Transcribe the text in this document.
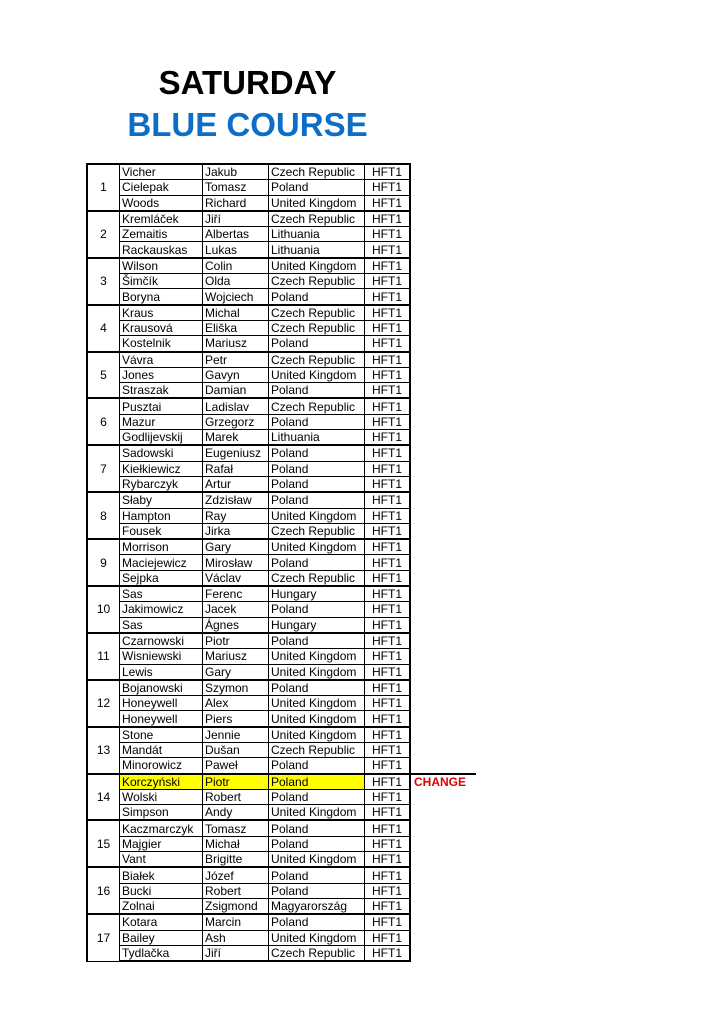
SATURDAY
BLUE COURSE
1	Vicher	Jakub	Czech Republic	HFT1	
	Cielepak	Tomasz	Poland	HFT1	
	Woods	Richard	United Kingdom	HFT1	
2	Kremláček	Jiří	Czech Republic	HFT1	
	Zemaitis	Albertas	Lithuania	HFT1	
	Rackauskas	Lukas	Lithuania	HFT1	
3	Wilson	Colin	United Kingdom	HFT1	
	Šimčík	Olda	Czech Republic	HFT1	
	Boryna	Wojciech	Poland	HFT1	
4	Kraus	Michal	Czech Republic	HFT1	
	Krausová	Eliška	Czech Republic	HFT1	
	Kostelnik	Mariusz	Poland	HFT1	
5	Vávra	Petr	Czech Republic	HFT1	
	Jones	Gavyn	United Kingdom	HFT1	
	Straszak	Damian	Poland	HFT1	
6	Pusztai	Ladislav	Czech Republic	HFT1	
	Mazur	Grzegorz	Poland	HFT1	
	Godlijevskij	Marek	Lithuania	HFT1	
7	Sadowski	Eugeniusz	Poland	HFT1	
	Kiełkiewicz	Rafał	Poland	HFT1	
	Rybarczyk	Artur	Poland	HFT1	
8	Słaby	Zdzisław	Poland	HFT1	
	Hampton	Ray	United Kingdom	HFT1	
	Fousek	Jirka	Czech Republic	HFT1	
9	Morrison	Gary	United Kingdom	HFT1	
	Maciejewicz	Mirosław	Poland	HFT1	
	Sejpka	Václav	Czech Republic	HFT1	
10	Sas	Ferenc	Hungary	HFT1	
	Jakimowicz	Jacek	Poland	HFT1	
	Sas	Ágnes	Hungary	HFT1	
11	Czarnowski	Piotr	Poland	HFT1	
	Wisniewski	Mariusz	United Kingdom	HFT1	
	Lewis	Gary	United Kingdom	HFT1	
12	Bojanowski	Szymon	Poland	HFT1	
	Honeywell	Alex	United Kingdom	HFT1	
	Honeywell	Piers	United Kingdom	HFT1	
13	Stone	Jennie	United Kingdom	HFT1	
	Mandát	Dušan	Czech Republic	HFT1	
	Minorowicz	Paweł	Poland	HFT1	
14	Korczyński	Piotr	Poland	HFT1	CHANGE
	Wolski	Robert	Poland	HFT1	
	Simpson	Andy	United Kingdom	HFT1	
15	Kaczmarczyk	Tomasz	Poland	HFT1	
	Majgier	Michał	Poland	HFT1	
	Vant	Brigitte	United Kingdom	HFT1	
16	Białek	Józef	Poland	HFT1	
	Bucki	Robert	Poland	HFT1	
	Zolnai	Zsigmond	Magyarország	HFT1	
17	Kotara	Marcin	Poland	HFT1	
	Bailey	Ash	United Kingdom	HFT1	
	Tydlačka	Jiří	Czech Republic	HFT1	
